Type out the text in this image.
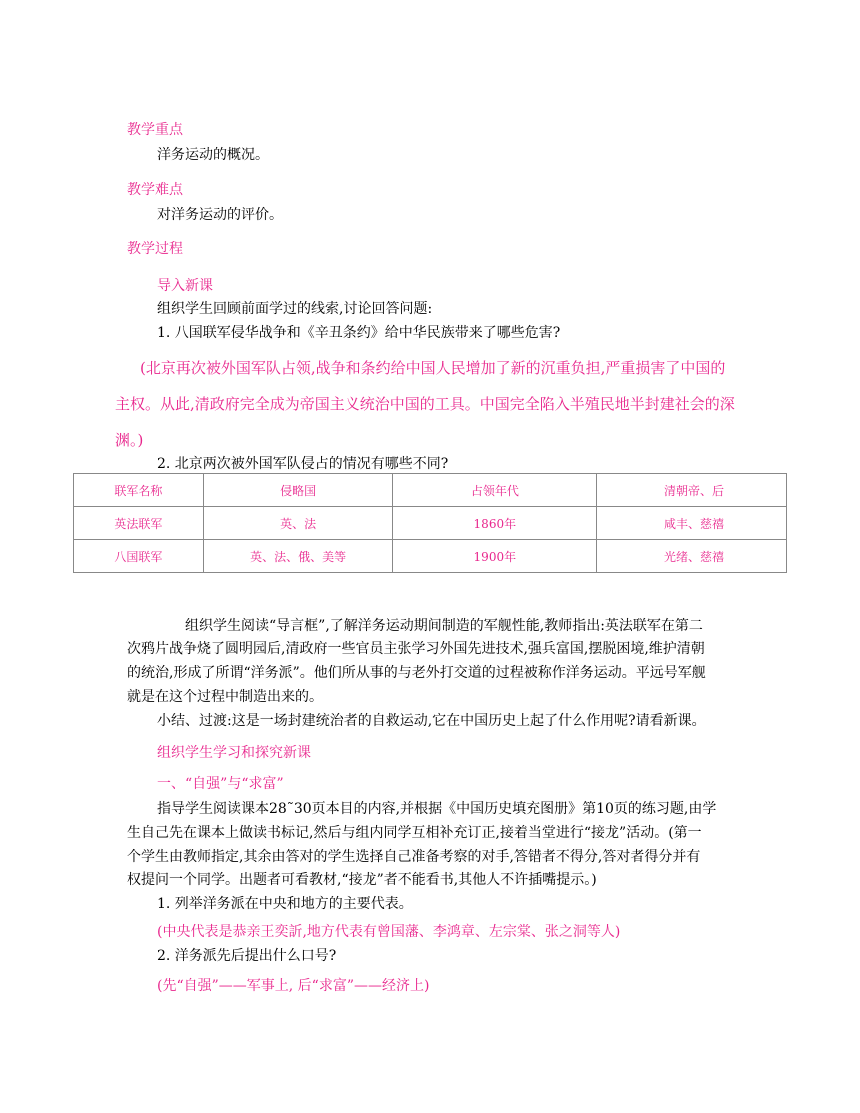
教学重点
洋务运动的概况。
教学难点
对洋务运动的评价。
教学过程
导入新课
组织学生回顾前面学过的线索,讨论回答问题:
1. 八国联军侵华战争和《辛丑条约》给中华民族带来了哪些危害?
(北京再次被外国军队占领,战争和条约给中国人民增加了新的沉重负担,严重损害了中国的
主权。从此,清政府完全成为帝国主义统治中国的工具。中国完全陷入半殖民地半封建社会的深
渊。)
2. 北京两次被外国军队侵占的情况有哪些不同?
联军名称	侵略国	占领年代	清朝帝、后
英法联军	英、法	1860年	咸丰、慈禧
八国联军	英、法、俄、美等	1900年	光绪、慈禧
组织学生阅读“导言框”,了解洋务运动期间制造的军舰性能,教师指出:英法联军在第二
次鸦片战争烧了圆明园后,清政府一些官员主张学习外国先进技术,强兵富国,摆脱困境,维护清朝
的统治,形成了所谓“洋务派”。他们所从事的与老外打交道的过程被称作洋务运动。平远号军舰
就是在这个过程中制造出来的。
小结、过渡:这是一场封建统治者的自救运动,它在中国历史上起了什么作用呢?请看新课。
组织学生学习和探究新课
一、“自强”与“求富”
指导学生阅读课本28˜30页本目的内容,并根据《中国历史填充图册》第10页的练习题,由学
生自己先在课本上做读书标记,然后与组内同学互相补充订正,接着当堂进行“接龙”活动。(第一
个学生由教师指定,其余由答对的学生选择自己准备考察的对手,答错者不得分,答对者得分并有
权提问一个同学。出题者可看教材,“接龙”者不能看书,其他人不许插嘴提示。)
1. 列举洋务派在中央和地方的主要代表。
(中央代表是恭亲王奕訢,地方代表有曾国藩、李鸿章、左宗棠、张之洞等人)
2. 洋务派先后提出什么口号?
(先“自强”——军事上, 后“求富”——经济上)
